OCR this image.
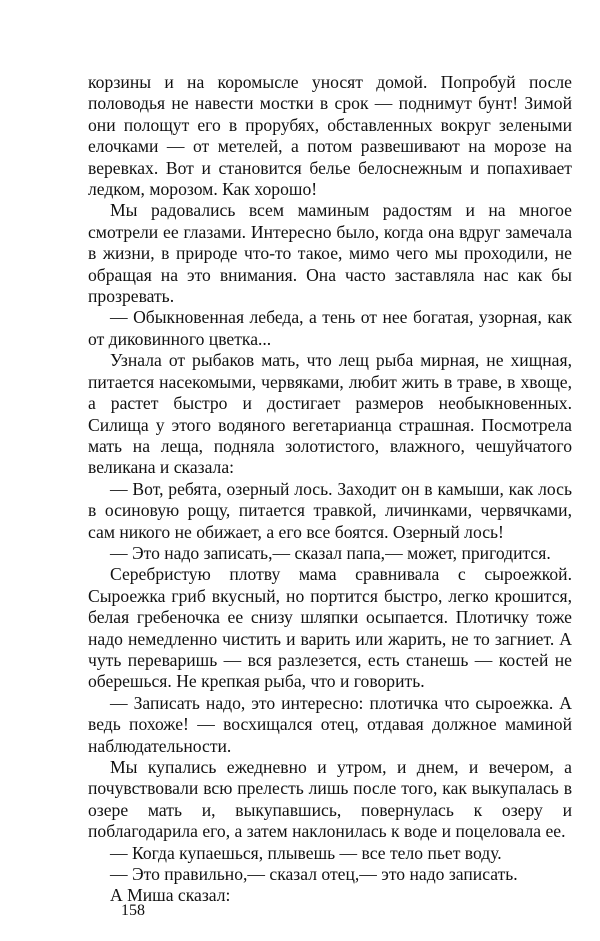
корзины и на коромысле уносят домой. Попробуй после половодья не навести мостки в срок — поднимут бунт! Зимой они полощут его в прорубях, обставленных вокруг зелеными елочками — от метелей, а потом развешивают на морозе на веревках. Вот и становится белье белоснежным и попахивает ледком, морозом. Как хорошо!

Мы радовались всем маминым радостям и на многое смотрели ее глазами. Интересно было, когда она вдруг замечала в жизни, в природе что-то такое, мимо чего мы проходили, не обращая на это внимания. Она часто заставляла нас как бы прозревать.

— Обыкновенная лебеда, а тень от нее богатая, узорная, как от диковинного цветка...

Узнала от рыбаков мать, что лещ рыба мирная, не хищная, питается насекомыми, червяками, любит жить в траве, в хвоще, а растет быстро и достигает размеров необыкновенных. Силища у этого водяного вегетарианца страшная. Посмотрела мать на леща, подняла золотистого, влажного, чешуйчатого великана и сказала:

— Вот, ребята, озерный лось. Заходит он в камыши, как лось в осиновую рощу, питается травкой, личинками, червячками, сам никого не обижает, а его все боятся. Озерный лось!

— Это надо записать,— сказал папа,— может, пригодится.

Серебристую плотву мама сравнивала с сыроежкой. Сыроежка гриб вкусный, но портится быстро, легко крошится, белая гребеночка ее снизу шляпки осыпается. Плотичку тоже надо немедленно чистить и варить или жарить, не то загниет. А чуть переваришь — вся разлезется, есть станешь — костей не оберешься. Не крепкая рыба, что и говорить.

— Записать надо, это интересно: плотичка что сыроежка. А ведь похоже! — восхищался отец, отдавая должное маминой наблюдательности.

Мы купались ежедневно и утром, и днем, и вечером, а почувствовали всю прелесть лишь после того, как выкупалась в озере мать и, выкупавшись, повернулась к озеру и поблагодарила его, а затем наклонилась к воде и поцеловала ее.

— Когда купаешься, плывешь — все тело пьет воду.

— Это правильно,— сказал отец,— это надо записать.

А Миша сказал:

158
